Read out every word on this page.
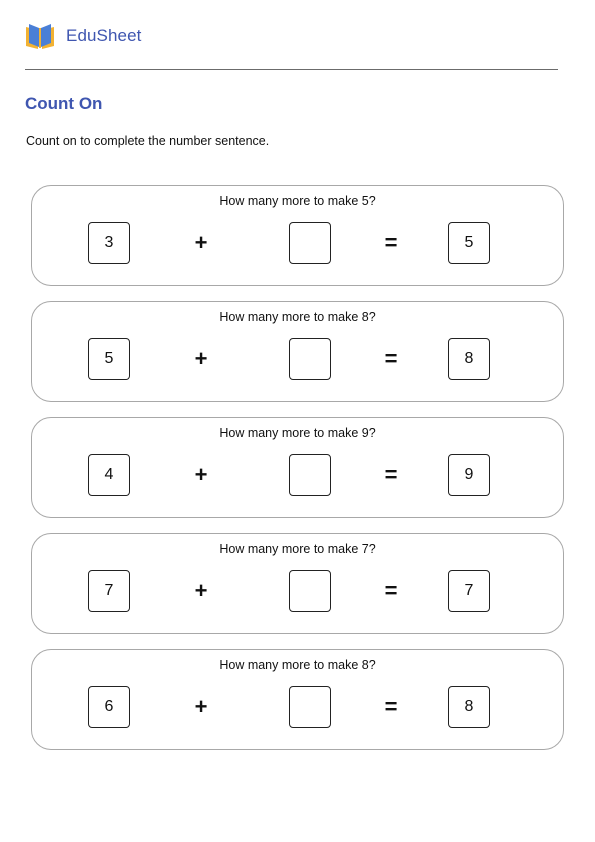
EduSheet
Count On
Count on to complete the number sentence.
How many more to make 5?
3	+	=	5
How many more to make 8?
5	+	=	8
How many more to make 9?
4	+	=	9
How many more to make 7?
7	+	=	7
How many more to make 8?
6	+	=	8
